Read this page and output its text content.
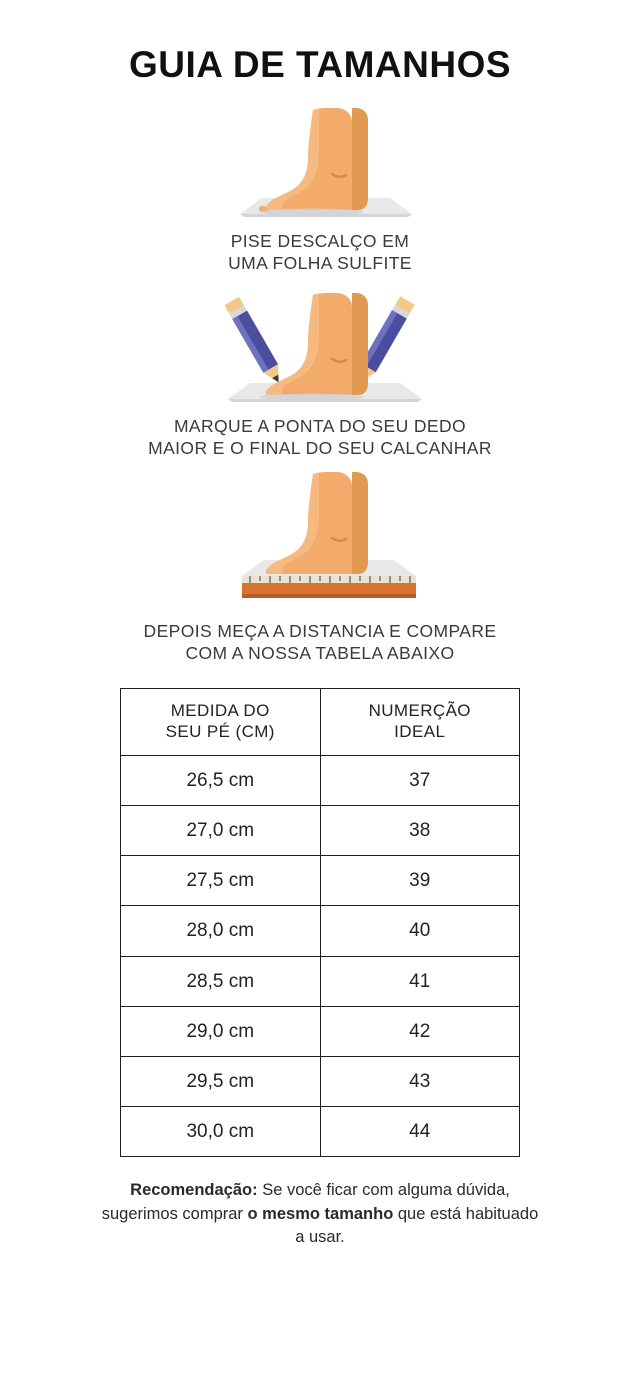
GUIA DE TAMANHOS
PISE DESCALÇO EM
UMA FOLHA SULFITE
MARQUE A PONTA DO SEU DEDO
MAIOR E O FINAL DO SEU CALCANHAR
DEPOIS MEÇA A DISTANCIA E COMPARE
COM A NOSSA TABELA ABAIXO
MEDIDA DO
SEU PÉ (CM)

NUMERÇÃO
IDEAL

26,5 cm	37
27,0 cm	38
27,5 cm	39
28,0 cm	40
28,5 cm	41
29,0 cm	42
29,5 cm	43
30,0 cm	44
Recomendação: Se você ficar com alguma dúvida, sugerimos comprar o mesmo tamanho que está habituado a usar.
